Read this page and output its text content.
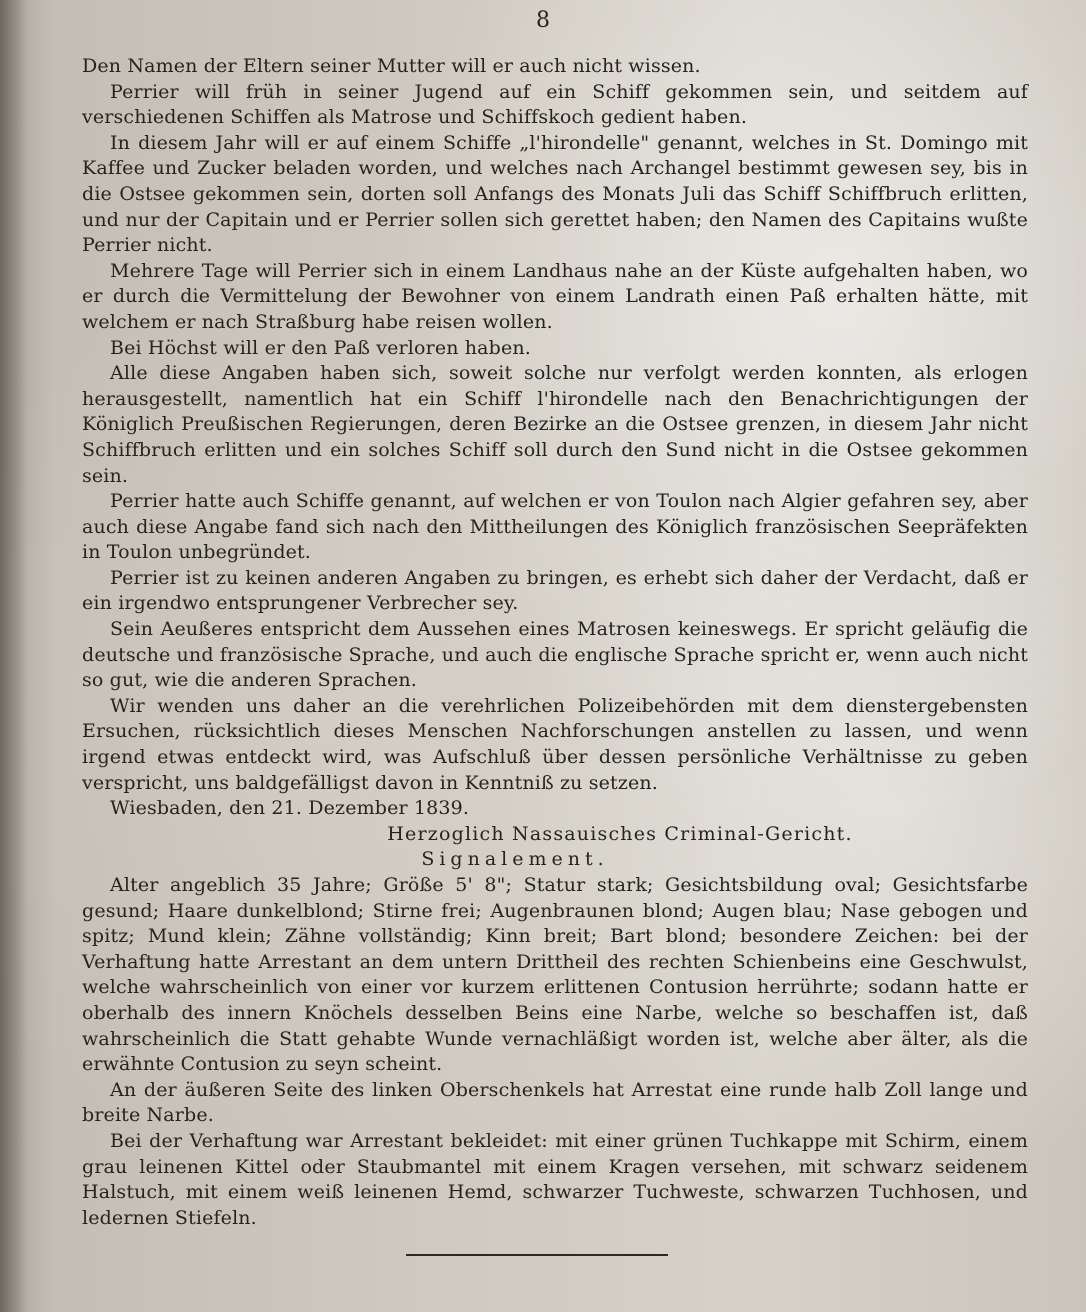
8

Den Namen der Eltern seiner Mutter will er auch nicht wissen.

Perrier will früh in seiner Jugend auf ein Schiff gekommen sein, und seitdem auf verschiedenen Schiffen als Matrose und Schiffskoch gedient haben.

In diesem Jahr will er auf einem Schiffe „l'hirondelle" genannt, welches in St. Domingo mit Kaffee und Zucker beladen worden, und welches nach Archangel bestimmt gewesen sey, bis in die Ostsee gekommen sein, dorten soll Anfangs des Monats Juli das Schiff Schiffbruch erlitten, und nur der Capitain und er Perrier sollen sich gerettet haben; den Namen des Capitains wußte Perrier nicht.

Mehrere Tage will Perrier sich in einem Landhaus nahe an der Küste aufgehalten haben, wo er durch die Vermittelung der Bewohner von einem Landrath einen Paß erhalten hätte, mit welchem er nach Straßburg habe reisen wollen.

Bei Höchst will er den Paß verloren haben.

Alle diese Angaben haben sich, soweit solche nur verfolgt werden konnten, als erlogen herausgestellt, namentlich hat ein Schiff l'hirondelle nach den Benachrichtigungen der Königlich Preußischen Regierungen, deren Bezirke an die Ostsee grenzen, in diesem Jahr nicht Schiffbruch erlitten und ein solches Schiff soll durch den Sund nicht in die Ostsee gekommen sein.

Perrier hatte auch Schiffe genannt, auf welchen er von Toulon nach Algier gefahren sey, aber auch diese Angabe fand sich nach den Mittheilungen des Königlich französischen Seepräfekten in Toulon unbegründet.

Perrier ist zu keinen anderen Angaben zu bringen, es erhebt sich daher der Verdacht, daß er ein irgendwo entsprungener Verbrecher sey.

Sein Aeußeres entspricht dem Aussehen eines Matrosen keineswegs. Er spricht geläufig die deutsche und französische Sprache, und auch die englische Sprache spricht er, wenn auch nicht so gut, wie die anderen Sprachen.

Wir wenden uns daher an die verehrlichen Polizeibehörden mit dem dienstergebensten Ersuchen, rücksichtlich dieses Menschen Nachforschungen anstellen zu lassen, und wenn irgend etwas entdeckt wird, was Aufschluß über dessen persönliche Verhältnisse zu geben verspricht, uns baldgefälligst davon in Kenntniß zu setzen.

Wiesbaden, den 21. Dezember 1839.

Herzoglich Nassauisches Criminal-Gericht.

Signalement.

Alter angeblich 35 Jahre; Größe 5' 8"; Statur stark; Gesichtsbildung oval; Gesichtsfarbe gesund; Haare dunkelblond; Stirne frei; Augenbraunen blond; Augen blau; Nase gebogen und spitz; Mund klein; Zähne vollständig; Kinn breit; Bart blond; besondere Zeichen: bei der Verhaftung hatte Arrestant an dem untern Drittheil des rechten Schienbeins eine Geschwulst, welche wahrscheinlich von einer vor kurzem erlittenen Contusion herrührte; sodann hatte er oberhalb des innern Knöchels desselben Beins eine Narbe, welche so beschaffen ist, daß wahrscheinlich die Statt gehabte Wunde vernachläßigt worden ist, welche aber älter, als die erwähnte Contusion zu seyn scheint.

An der äußeren Seite des linken Oberschenkels hat Arrestat eine runde halb Zoll lange und breite Narbe.

Bei der Verhaftung war Arrestant bekleidet: mit einer grünen Tuchkappe mit Schirm, einem grau leinenen Kittel oder Staubmantel mit einem Kragen versehen, mit schwarz seidenem Halstuch, mit einem weiß leinenen Hemd, schwarzer Tuchweste, schwarzen Tuchhosen, und ledernen Stiefeln.
